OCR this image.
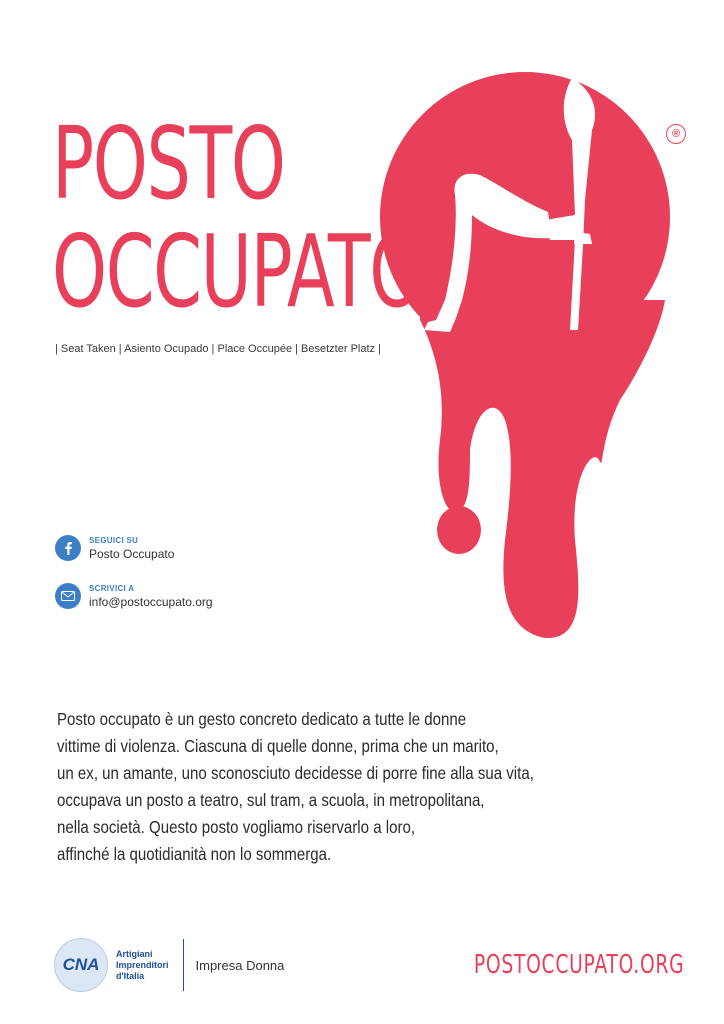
®
POSTO
OCCUPATO
| Seat Taken | Asiento Ocupado | Place Occupée | Besetzter Platz |
SEGUICI SU
Posto Occupato
SCRIVICI A
info@postoccupato.org
Posto occupato è un gesto concreto dedicato a tutte le donne
vittime di violenza. Ciascuna di quelle donne, prima che un marito,
un ex, un amante, uno sconosciuto decidesse di porre fine alla sua vita,
occupava un posto a teatro, sul tram, a scuola, in metropolitana,
nella società. Questo posto vogliamo riservarlo a loro,
affinché la quotidianità non lo sommerga.
CNA
Artigiani
Imprenditori
d'Italia
Impresa Donna	POSTOCCUPATO.ORG
